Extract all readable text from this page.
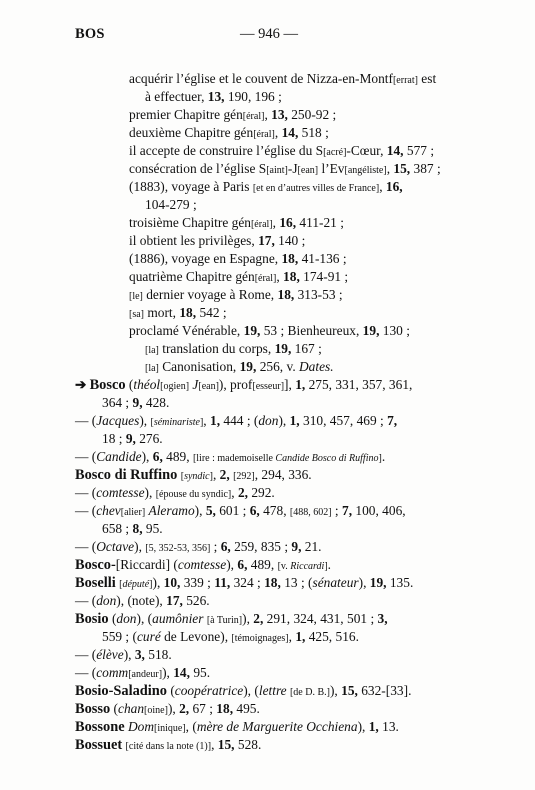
BOS	— 946 —
acquérir l’église et le couvent de Nizza-en-Montf[errat] est
à effectuer, 13, 190, 196 ;
premier Chapitre gén[éral], 13, 250-92 ;
deuxième Chapitre gén[éral], 14, 518 ;
il accepte de construire l’église du S[acré]-Cœur, 14, 577 ;
consécration de l’église S[aint]-J[ean] l’Ev[angéliste], 15, 387 ;
(1883), voyage à Paris [et en d’autres villes de France], 16,
104-279 ;
troisième Chapitre gén[éral], 16, 411-21 ;
il obtient les privilèges, 17, 140 ;
(1886), voyage en Espagne, 18, 41-136 ;
quatrième Chapitre gén[éral], 18, 174-91 ;
[le] dernier voyage à Rome, 18, 313-53 ;
[sa] mort, 18, 542 ;
proclamé Vénérable, 19, 53 ; Bienheureux, 19, 130 ;
[la] translation du corps, 19, 167 ;
[la] Canonisation, 19, 256, v. Dates.
➔ Bosco (théol[ogien] J[ean]), prof[esseur]], 1, 275, 331, 357, 361,
364 ; 9, 428.
— (Jacques), [séminariste], 1, 444 ; (don), 1, 310, 457, 469 ; 7,
18 ; 9, 276.
— (Candide), 6, 489, [lire : mademoiselle Candide Bosco di Ruffino].
Bosco di Ruffino [syndic], 2, [292], 294, 336.
— (comtesse), [épouse du syndic], 2, 292.
— (chev[alier] Aleramo), 5, 601 ; 6, 478, [488, 602] ; 7, 100, 406,
658 ; 8, 95.
— (Octave), [5, 352-53, 356] ; 6, 259, 835 ; 9, 21.
Bosco-[Riccardi] (comtesse), 6, 489, [v. Riccardi].
Boselli [député]), 10, 339 ; 11, 324 ; 18, 13 ; (sénateur), 19, 135.
— (don), (note), 17, 526.
Bosio (don), (aumônier [à Turin]), 2, 291, 324, 431, 501 ; 3,
559 ; (curé de Levone), [témoignages], 1, 425, 516.
— (élève), 3, 518.
— (comm[andeur]), 14, 95.
Bosio-Saladino (coopératrice), (lettre [de D. B.]), 15, 632-[33].
Bosso (chan[oine]), 2, 67 ; 18, 495.
Bossone Dom[inique], (mère de Marguerite Occhiena), 1, 13.
Bossuet [cité dans la note (1)], 15, 528.
